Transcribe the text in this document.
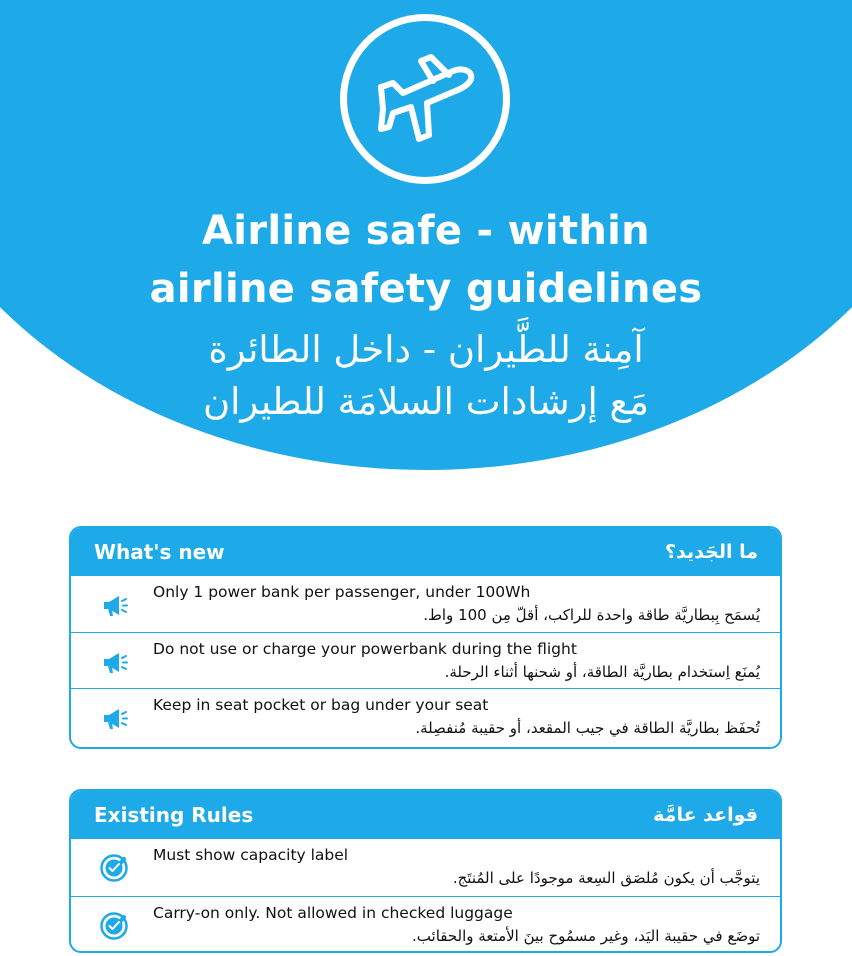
Airline safe - within
airline safety guidelines
آمِنة للطَّيران - داخل الطائرة
مَع إرشادات السلامَة للطيران
What's new	ما الجَديد؟
Only 1 power bank per passenger, under 100Wh
يُسمَح بِبطاريَّة طاقة واحدة للراكب، أقلّ مِن 100 واط.
Do not use or charge your powerbank during the flight
يُمنَع اِستخدام بطاريَّة الطاقة، أو شحنها أثناء الرحلة.
Keep in seat pocket or bag under your seat
تُحفَظ بطاريَّة الطاقة في جيب المقعد، أو حقيبة مُنفصِلة.
Existing Rules	قواعد عامَّة
Must show capacity label
يتوجَّب أن يكون مُلصَق السِعة موجودًا على المُنتَج.
Carry-on only. Not allowed in checked luggage
توضَع في حقيبة اليَد، وغير مسمُوح بينَ الأمتعة والحقائب.
